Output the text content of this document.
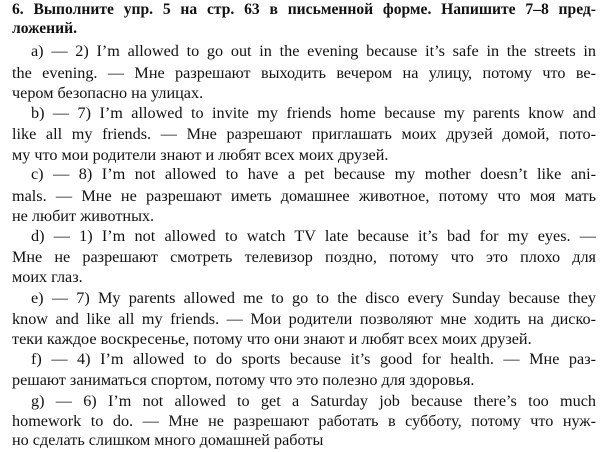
6. Выполните упр. 5 на стр. 63 в письменной форме. Напишите 7–8 пред-
ложений.
a) — 2) I’m allowed to go out in the evening because it’s safe in the streets in
the evening. — Мне разрешают выходить вечером на улицу, потому что ве-
чером безопасно на улицах.
b) — 7) I’m allowed to invite my friends home because my parents know and
like all my friends. — Мне разрешают приглашать моих друзей домой, пото-
му что мои родители знают и любят всех моих друзей.
c) — 8) I’m not allowed to have a pet because my mother doesn’t like ani-
mals. — Мне не разрешают иметь домашнее животное, потому что моя мать
не любит животных.
d) — 1) I’m not allowed to watch TV late because it’s bad for my eyes. —
Мне не разрешают смотреть телевизор поздно, потому что это плохо для
моих глаз.
e) — 7) My parents allowed me to go to the disco every Sunday because they
know and like all my friends. — Мои родители позволяют мне ходить на диско-
теки каждое воскресенье, потому что они знают и любят всех моих друзей.
f) — 4) I’m allowed to do sports because it’s good for health. — Мне раз-
решают заниматься спортом, потому что это полезно для здоровья.
g) — 6) I’m not allowed to get a Saturday job because there’s too much
homework to do. — Мне не разрешают работать в субботу, потому что нуж-
но сделать слишком много домашней работы
